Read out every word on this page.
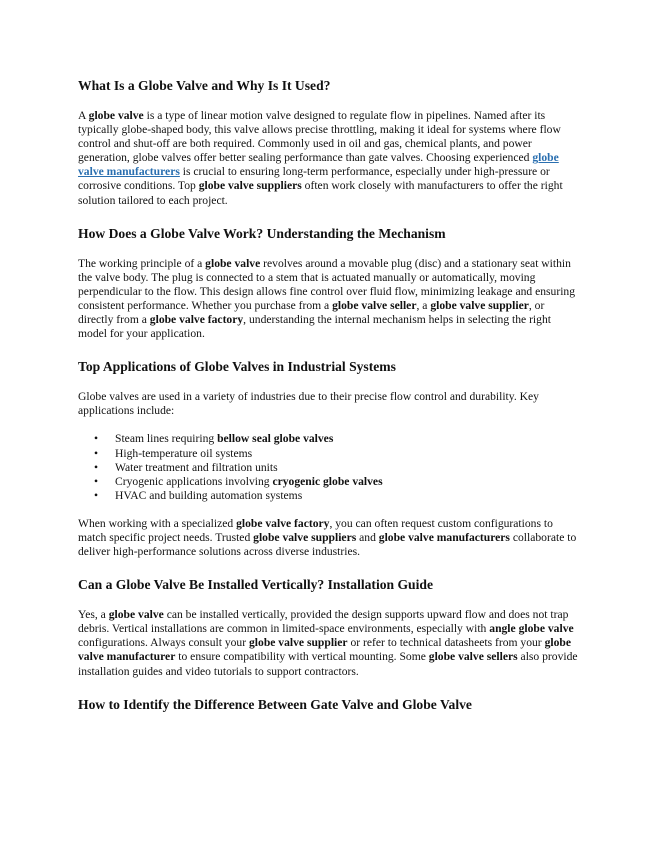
What Is a Globe Valve and Why Is It Used?

A globe valve is a type of linear motion valve designed to regulate flow in pipelines. Named after its typically globe-shaped body, this valve allows precise throttling, making it ideal for systems where flow control and shut-off are both required. Commonly used in oil and gas, chemical plants, and power generation, globe valves offer better sealing performance than gate valves. Choosing experienced globe valve manufacturers is crucial to ensuring long-term performance, especially under high-pressure or corrosive conditions. Top globe valve suppliers often work closely with manufacturers to offer the right solution tailored to each project.

How Does a Globe Valve Work? Understanding the Mechanism

The working principle of a globe valve revolves around a movable plug (disc) and a stationary seat within the valve body. The plug is connected to a stem that is actuated manually or automatically, moving perpendicular to the flow. This design allows fine control over fluid flow, minimizing leakage and ensuring consistent performance. Whether you purchase from a globe valve seller, a globe valve supplier, or directly from a globe valve factory, understanding the internal mechanism helps in selecting the right model for your application.

Top Applications of Globe Valves in Industrial Systems

Globe valves are used in a variety of industries due to their precise flow control and durability. Key applications include:

• Steam lines requiring bellow seal globe valves
• High-temperature oil systems
• Water treatment and filtration units
• Cryogenic applications involving cryogenic globe valves
• HVAC and building automation systems

When working with a specialized globe valve factory, you can often request custom configurations to match specific project needs. Trusted globe valve suppliers and globe valve manufacturers collaborate to deliver high-performance solutions across diverse industries.

Can a Globe Valve Be Installed Vertically? Installation Guide

Yes, a globe valve can be installed vertically, provided the design supports upward flow and does not trap debris. Vertical installations are common in limited-space environments, especially with angle globe valve configurations. Always consult your globe valve supplier or refer to technical datasheets from your globe valve manufacturer to ensure compatibility with vertical mounting. Some globe valve sellers also provide installation guides and video tutorials to support contractors.

How to Identify the Difference Between Gate Valve and Globe Valve
